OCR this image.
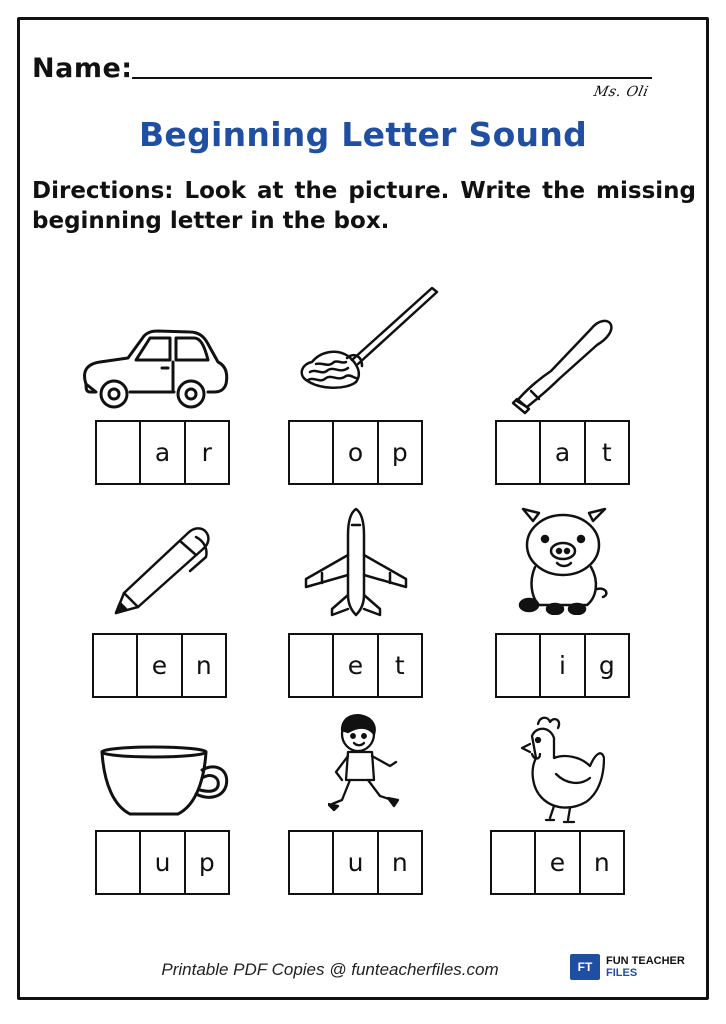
Name:
Ms. Oli
Beginning Letter Sound

Directions: Look at the picture. Write the missing beginning letter in the box.

a	r	o	p	a	t
e	n	e	t	i	g
u	p	u	n	e	n
Printable PDF Copies @ funteacherfiles.com	FT	FUN TEACHER
FILES
